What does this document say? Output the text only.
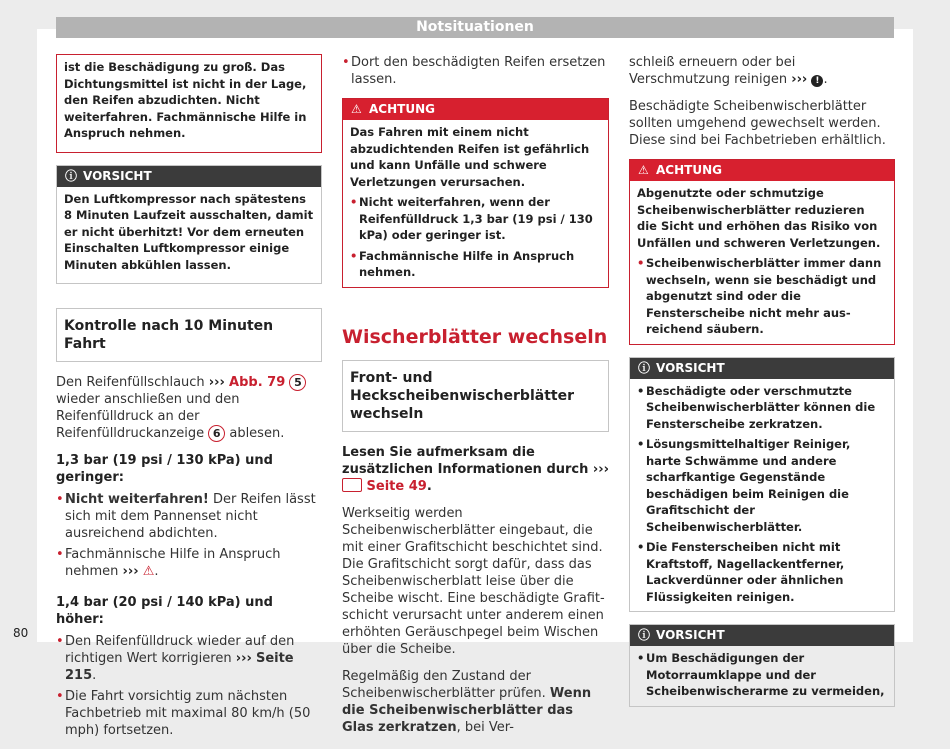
Notsituationen

ist die Beschädigung zu groß. Das Dichtungsmittel ist nicht in der Lage, den Reifen abzudichten. Nicht weiterfahren. Fachmännische Hilfe in Anspruch nehmen.

ⓘ VORSICHT

Den Luftkompressor nach spätestens 8 Minuten Laufzeit ausschalten, damit er nicht überhitzt! Vor dem erneuten Einschalten Luftkompressor einige Minuten abkühlen lassen.

Kontrolle nach 10 Minuten Fahrt

Den Reifenfüllschlauch ››› Abb. 79 5 wieder anschließen und den Reifenfülldruck an der Reifenfülldruckanzeige 6 ablesen.

1,3 bar (19 psi / 130 kPa) und geringer:

• Nicht weiterfahren! Der Reifen lässt sich mit dem Pannenset nicht ausreichend abdichten.
• Fachmännische Hilfe in Anspruch nehmen ››› ⚠.

1,4 bar (20 psi / 140 kPa) und höher:

• Den Reifenfülldruck wieder auf den richtigen Wert korrigieren ››› Seite 215.
• Die Fahrt vorsichtig zum nächsten Fachbetrieb mit maximal 80 km/h (50 mph) fortsetzen.
• Dort den beschädigten Reifen ersetzen lassen.
⚠ ACHTUNG

Das Fahren mit einem nicht abzudichtenden Reifen ist gefährlich und kann Unfälle und schwere Verletzungen verursachen.

• Nicht weiterfahren, wenn der Reifenfülldruck 1,3 bar (19 psi / 130 kPa) oder geringer ist.
• Fachmännische Hilfe in Anspruch nehmen.
Wischerblätter wechseln
Front- und Heckscheibenwischerblätter wechseln

Lesen Sie aufmerksam die zusätzlichen Informationen durch ›››  Seite 49.

Werkseitig werden Scheibenwischerblätter eingebaut, die mit einer Grafitschicht beschichtet sind. Die Grafitschicht sorgt dafür, dass das Scheibenwischerblatt leise über die Scheibe wischt. Eine beschädigte Grafitschicht verursacht unter anderem einen erhöhten Geräuschpegel beim Wischen über die Scheibe.

Regelmäßig den Zustand der Scheibenwischerblätter prüfen. Wenn die Scheibenwischerblätter das Glas zerkratzen, bei Ver-

schleiß erneuern oder bei Verschmutzung reinigen ››› ! .

Beschädigte Scheibenwischerblätter sollten umgehend gewechselt werden. Diese sind bei Fachbetrieben erhältlich.

⚠ ACHTUNG

Abgenutzte oder schmutzige Scheibenwischerblätter reduzieren die Sicht und erhöhen das Risiko von Unfällen und schweren Verletzungen.

• Scheibenwischerblätter immer dann wechseln, wenn sie beschädigt und abgenutzt sind oder die Fensterscheibe nicht mehr ausreichend säubern.
ⓘ VORSICHT
• Beschädigte oder verschmutzte Scheibenwischerblätter können die Fensterscheibe zerkratzen.
• Lösungsmittelhaltiger Reiniger, harte Schwämme und andere scharfkantige Gegenstände beschädigen beim Reinigen die Grafitschicht der Scheibenwischerblätter.
• Die Fensterscheiben nicht mit Kraftstoff, Nagellackentferner, Lackverdünner oder ähnlichen Flüssigkeiten reinigen.
ⓘ VORSICHT
• Um Beschädigungen der Motorraumklappe und der Scheibenwischerarme zu vermeiden,
80
